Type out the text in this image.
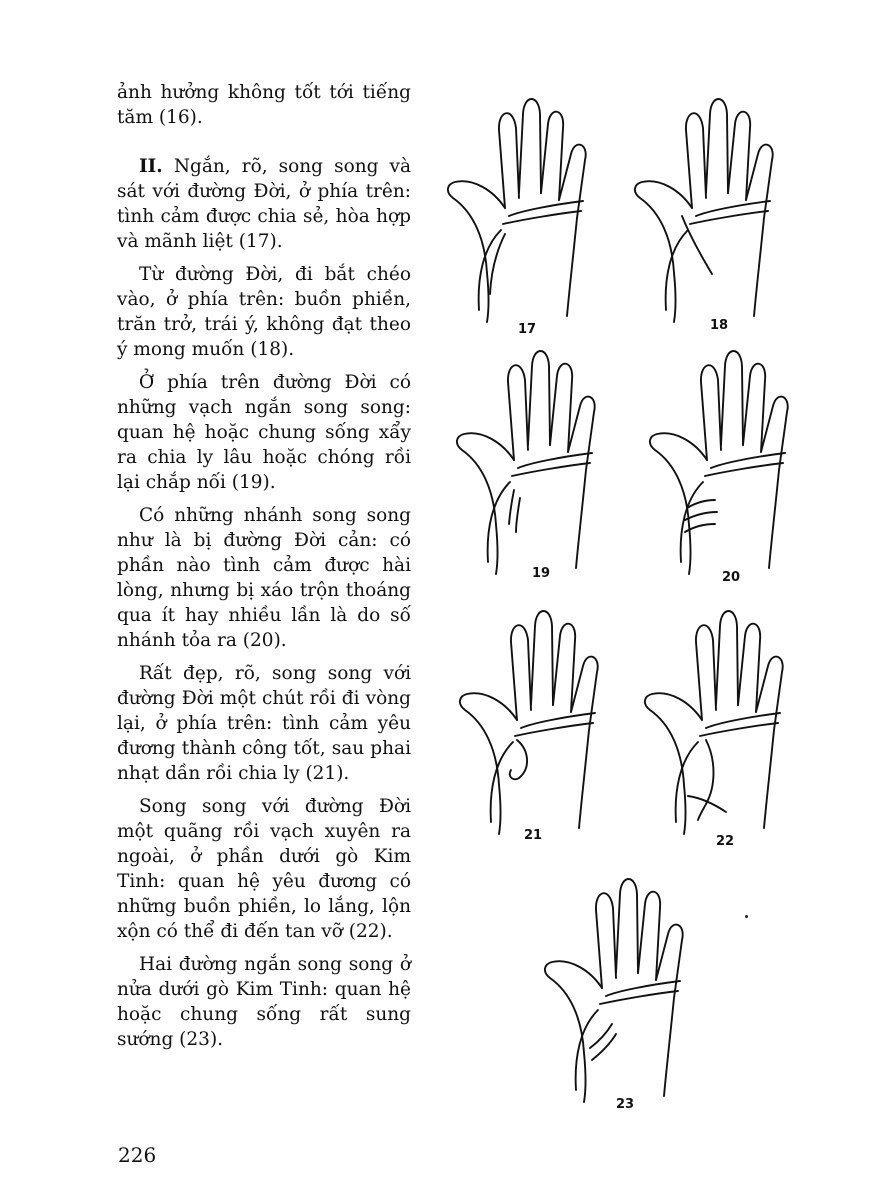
ảnh hưởng không tốt tới tiếng tăm (16).

II. Ngắn, rõ, song song và sát với đường Đời, ở phía trên: tình cảm được chia sẻ, hòa hợp và mãnh liệt (17).

Từ đường Đời, đi bắt chéo vào, ở phía trên: buồn phiền, trăn trở, trái ý, không đạt theo ý mong muốn (18).

Ở phía trên đường Đời có những vạch ngắn song song: quan hệ hoặc chung sống xẩy ra chia ly lâu hoặc chóng rồi lại chắp nối (19).

Có những nhánh song song như là bị đường Đời cản: có phần nào tình cảm được hài lòng, nhưng bị xáo trộn thoáng qua ít hay nhiều lần là do số nhánh tỏa ra (20).

Rất đẹp, rõ, song song với đường Đời một chút rồi đi vòng lại, ở phía trên: tình cảm yêu đương thành công tốt, sau phai nhạt dần rồi chia ly (21).

Song song với đường Đời một quãng rồi vạch xuyên ra ngoài, ở phần dưới gò Kim Tinh: quan hệ yêu đương có những buồn phiền, lo lắng, lộn xộn có thể đi đến tan vỡ (22).

Hai đường ngắn song song ở nửa dưới gò Kim Tinh: quan hệ hoặc chung sống rất sung sướng (23).

226
17	18
19	20
21	22
23
